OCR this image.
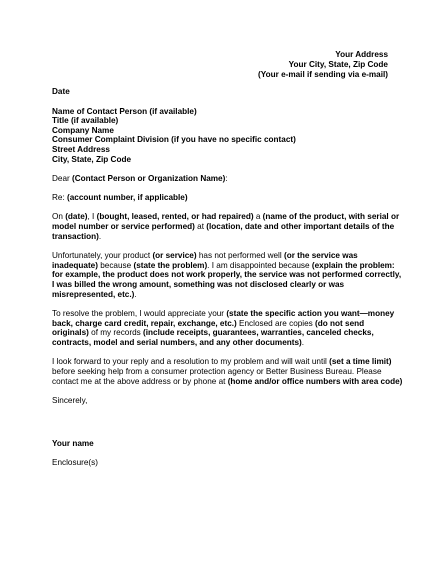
Your Address
Your City, State, Zip Code
(Your e-mail if sending via e-mail)
Date
Name of Contact Person (if available)
Title (if available)
Company Name
Consumer Complaint Division (if you have no specific contact)
Street Address
City, State, Zip Code
Dear (Contact Person or Organization Name):
Re: (account number, if applicable)
On (date), I (bought, leased, rented, or had repaired) a (name of the product, with serial or
model number or service performed) at (location, date and other important details of the
transaction).
Unfortunately, your product (or service) has not performed well (or the service was
inadequate) because (state the problem). I am disappointed because (explain the problem:
for example, the product does not work properly, the service was not performed correctly,
I was billed the wrong amount, something was not disclosed clearly or was
misrepresented, etc.).
To resolve the problem, I would appreciate your (state the specific action you want—money
back, charge card credit, repair, exchange, etc.) Enclosed are copies (do not send
originals) of my records (include receipts, guarantees, warranties, canceled checks,
contracts, model and serial numbers, and any other documents).
I look forward to your reply and a resolution to my problem and will wait until (set a time limit)
before seeking help from a consumer protection agency or Better Business Bureau. Please
contact me at the above address or by phone at (home and/or office numbers with area code)
Sincerely,
Your name
Enclosure(s)
